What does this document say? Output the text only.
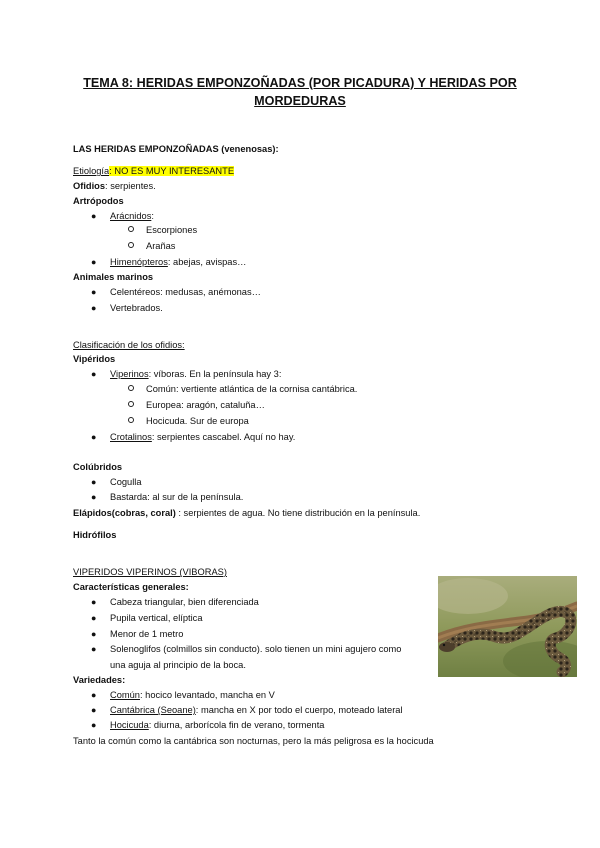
TEMA 8: HERIDAS EMPONZOÑADAS (POR PICADURA) Y HERIDAS POR MORDEDURAS
LAS HERIDAS EMPONZOÑADAS (venenosas):
Etiología: NO ES MUY INTERESANTE
Ofidios: serpientes.
Artrópodos
● Arácnidos:
Escorpiones
Arañas
● Himenópteros: abejas, avispas…
Animales marinos
● Celentéreos: medusas, anémonas…
● Vertebrados.
Clasificación de los ofidios:
Vipéridos
● Viperinos: víboras. En la península hay 3:
Común: vertiente atlántica de la cornisa cantábrica.
Europea: aragón, cataluña…
Hocicuda. Sur de europa
● Crotalinos: serpientes cascabel. Aquí no hay.
Colúbridos
● Cogulla
● Bastarda: al sur de la península.
Elápidos(cobras, coral) : serpientes de agua. No tiene distribución en la península.
Hidrófilos
VIPERIDOS VIPERINOS (VIBORAS)
Características generales:
● Cabeza triangular, bien diferenciada
● Pupila vertical, elíptica
● Menor de 1 metro
● Solenoglifos (colmillos sin conducto). solo tienen un mini agujero como
una aguja al principio de la boca.
Variedades:
● Común: hocico levantado, mancha en V
● Cantábrica (Seoane): mancha en X por todo el cuerpo, moteado lateral
● Hocicuda: diurna, arborícola fin de verano, tormenta
Tanto la común como la cantábrica son nocturnas, pero la más peligrosa es la hocicuda
